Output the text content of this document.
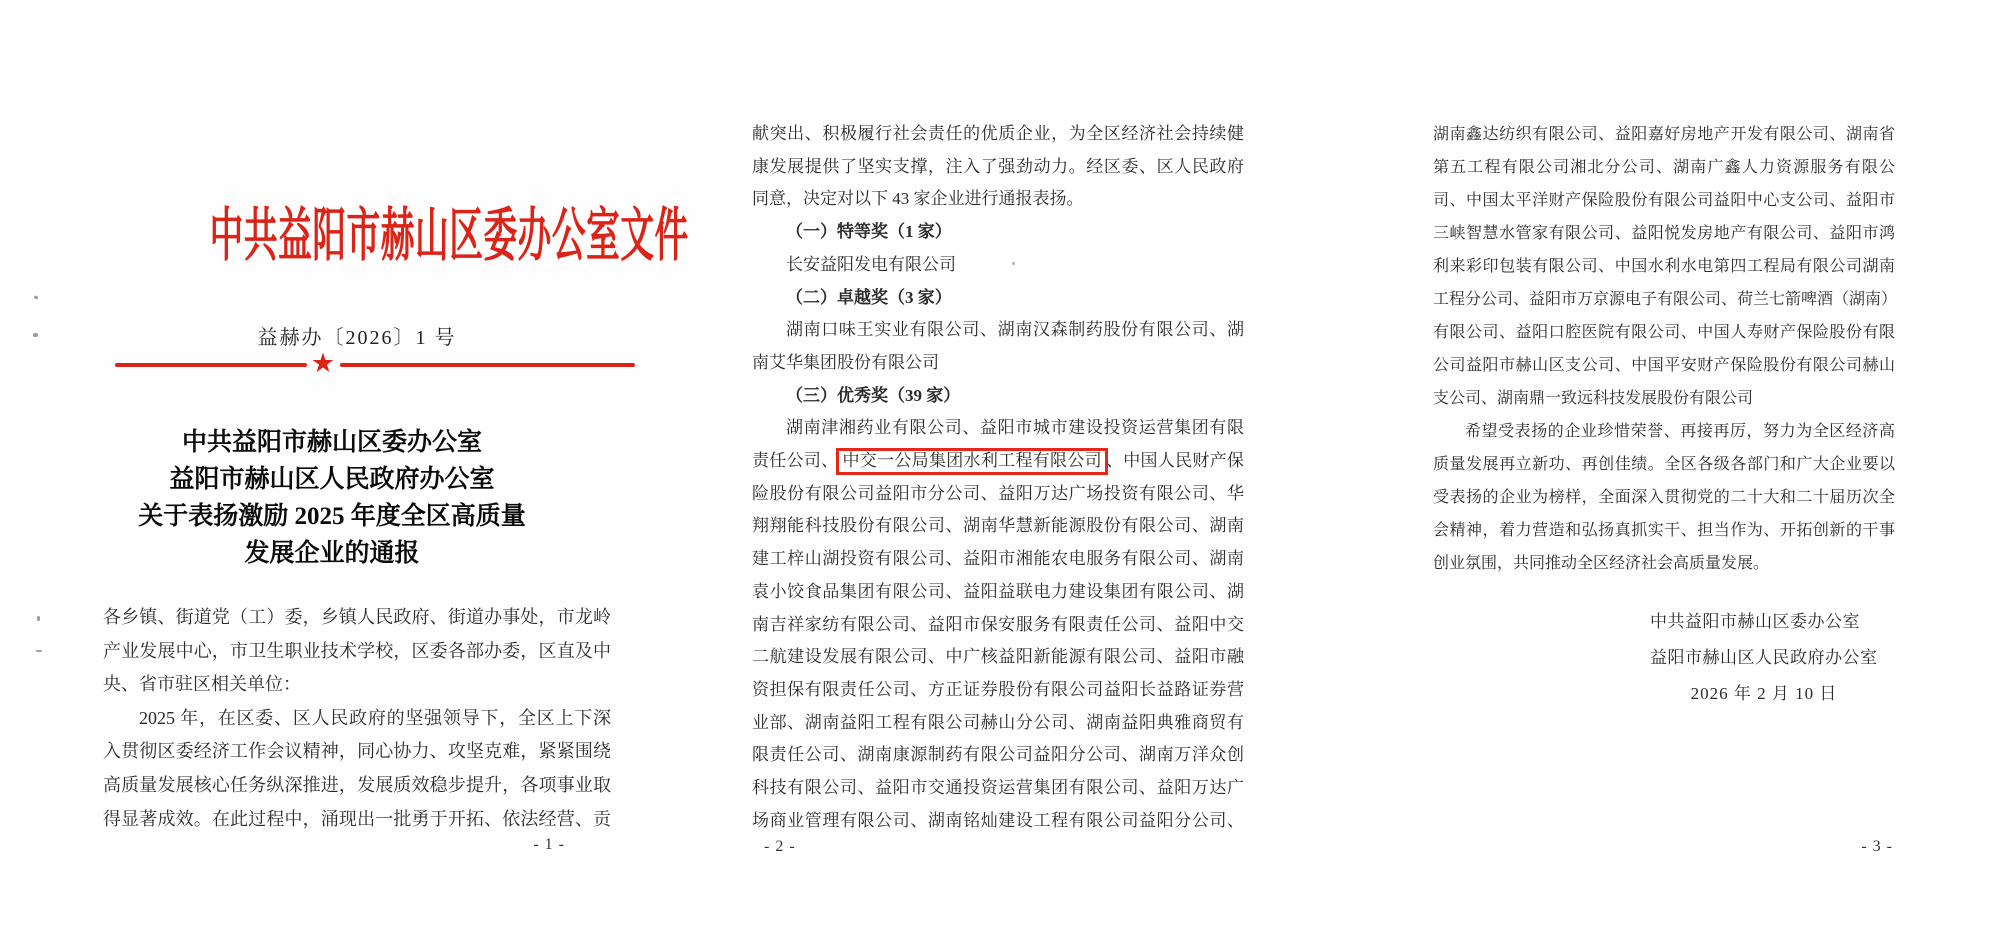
中共益阳市赫山区委办公室文件
益赫办〔2026〕1 号
★
中共益阳市赫山区委办公室
益阳市赫山区人民政府办公室
关于表扬激励 2025 年度全区高质量
发展企业的通报
各乡镇、街道党（工）委，乡镇人民政府、街道办事处，市龙岭
产业发展中心，市卫生职业技术学校，区委各部办委，区直及中
央、省市驻区相关单位：
2025 年，在区委、区人民政府的坚强领导下，全区上下深
入贯彻区委经济工作会议精神，同心协力、攻坚克难，紧紧围绕
高质量发展核心任务纵深推进，发展质效稳步提升，各项事业取
得显著成效。在此过程中，涌现出一批勇于开拓、依法经营、贡
- 1 -
献突出、积极履行社会责任的优质企业，为全区经济社会持续健
康发展提供了坚实支撑，注入了强劲动力。经区委、区人民政府
同意，决定对以下 43 家企业进行通报表扬。
（一）特等奖（1 家）
长安益阳发电有限公司
（二）卓越奖（3 家）
湖南口味王实业有限公司、湖南汉森制药股份有限公司、湖
南艾华集团股份有限公司
（三）优秀奖（39 家）
湖南津湘药业有限公司、益阳市城市建设投资运营集团有限
责任公司、 中交一公局集团水利工程有限公司 、中国人民财产保
险股份有限公司益阳市分公司、益阳万达广场投资有限公司、华
翔翔能科技股份有限公司、湖南华慧新能源股份有限公司、湖南
建工梓山湖投资有限公司、益阳市湘能农电服务有限公司、湖南
袁小饺食品集团有限公司、益阳益联电力建设集团有限公司、湖
南吉祥家纺有限公司、益阳市保安服务有限责任公司、益阳中交
二航建设发展有限公司、中广核益阳新能源有限公司、益阳市融
资担保有限责任公司、方正证券股份有限公司益阳长益路证券营
业部、湖南益阳工程有限公司赫山分公司、湖南益阳典雅商贸有
限责任公司、湖南康源制药有限公司益阳分公司、湖南万洋众创
科技有限公司、益阳市交通投资运营集团有限公司、益阳万达广
场商业管理有限公司、湖南铭灿建设工程有限公司益阳分公司、
- 2 -
湖南鑫达纺织有限公司、益阳嘉好房地产开发有限公司、湖南省
第五工程有限公司湘北分公司、湖南广鑫人力资源服务有限公
司、中国太平洋财产保险股份有限公司益阳中心支公司、益阳市
三峡智慧水管家有限公司、益阳悦发房地产有限公司、益阳市鸿
利来彩印包装有限公司、中国水利水电第四工程局有限公司湖南
工程分公司、益阳市万京源电子有限公司、荷兰七箭啤酒（湖南）
有限公司、益阳口腔医院有限公司、中国人寿财产保险股份有限
公司益阳市赫山区支公司、中国平安财产保险股份有限公司赫山
支公司、湖南鼎一致远科技发展股份有限公司
希望受表扬的企业珍惜荣誉、再接再厉，努力为全区经济高
质量发展再立新功、再创佳绩。全区各级各部门和广大企业要以
受表扬的企业为榜样，全面深入贯彻党的二十大和二十届历次全
会精神，着力营造和弘扬真抓实干、担当作为、开拓创新的干事
创业氛围，共同推动全区经济社会高质量发展。
中共益阳市赫山区委办公室
益阳市赫山区人民政府办公室
2026 年 2 月 10 日
- 3 -
